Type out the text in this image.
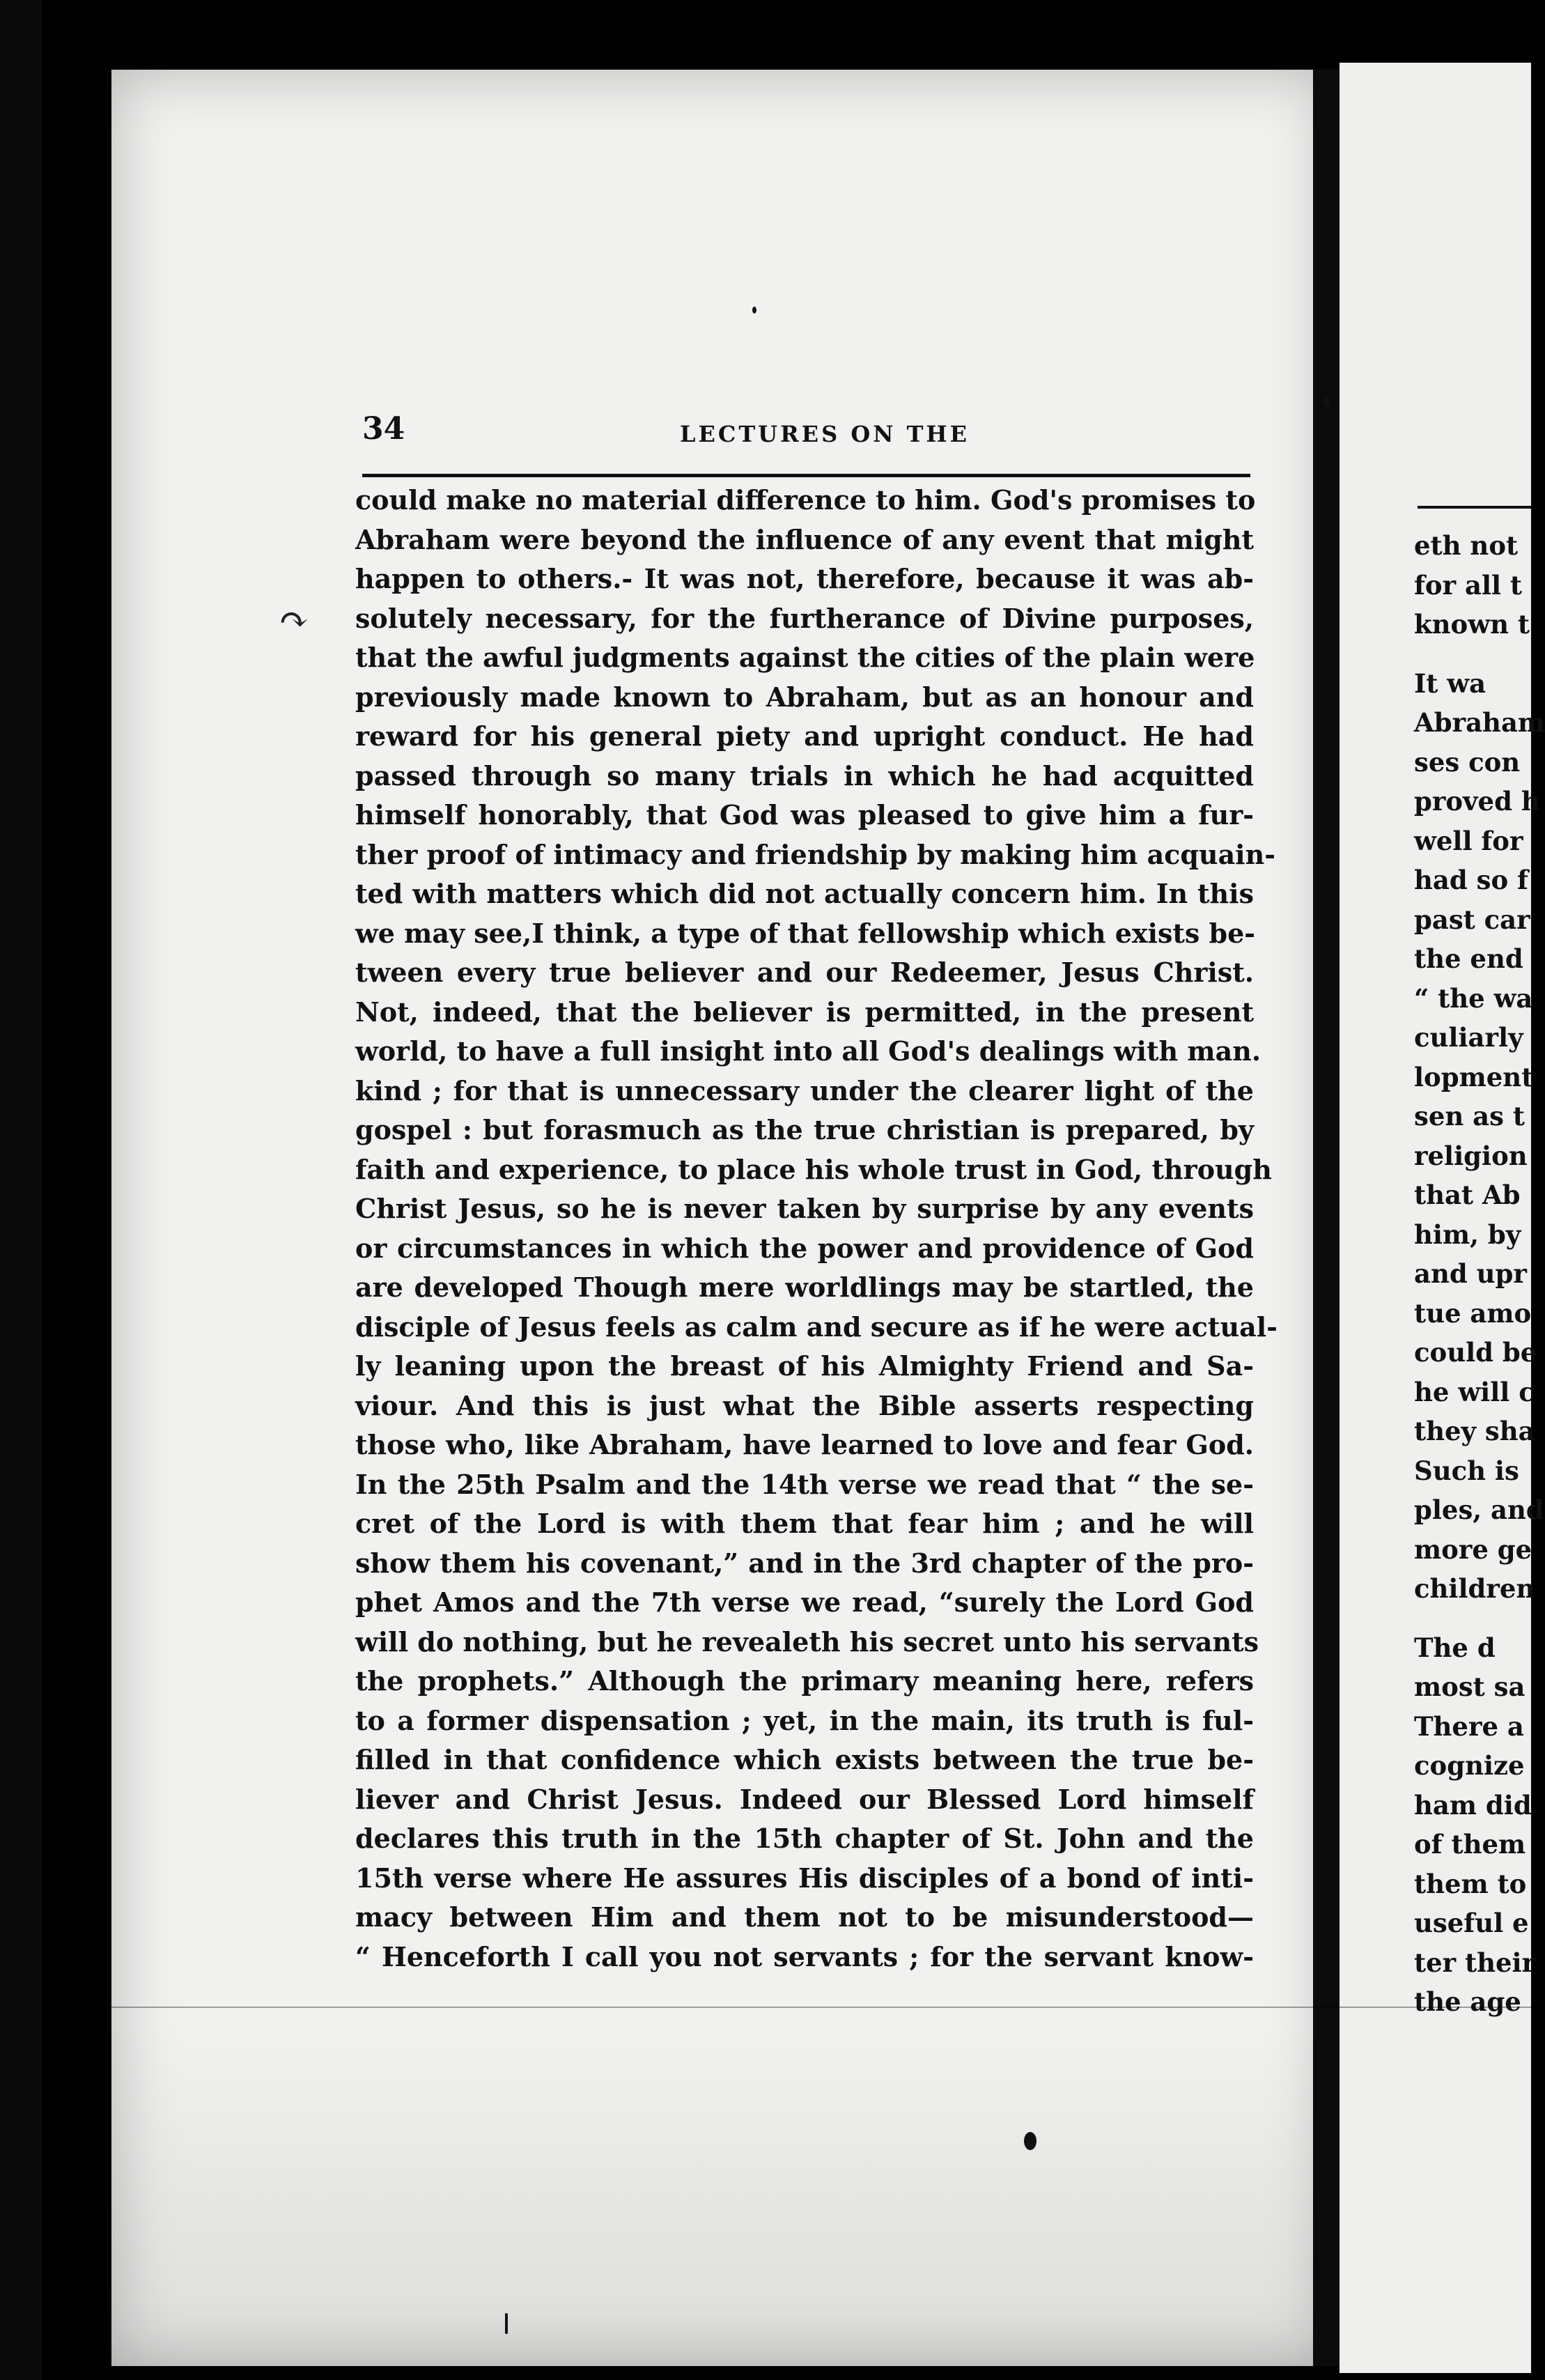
34	LECTURES ON THE
could make no material difference to him. God's promises to
Abraham were beyond the influence of any event that might
happen to others.- It was not, therefore, because it was ab-
solutely necessary, for the furtherance of Divine purposes,
that the awful judgments against the cities of the plain were
previously made known to Abraham, but as an honour and
reward for his general piety and upright conduct. He had
passed through so many trials in which he had acquitted
himself honorably, that God was pleased to give him a fur-
ther proof of intimacy and friendship by making him acquain-
ted with matters which did not actually concern him. In this
we may see,I think, a type of that fellowship which exists be-
tween every true believer and our Redeemer, Jesus Christ.
Not, indeed, that the believer is permitted, in the present
world, to have a full insight into all God's dealings with man.
kind ; for that is unnecessary under the clearer light of the
gospel : but forasmuch as the true christian is prepared, by
faith and experience, to place his whole trust in God, through
Christ Jesus, so he is never taken by surprise by any events
or circumstances in which the power and providence of God
are developed Though mere worldlings may be startled, the
disciple of Jesus feels as calm and secure as if he were actual-
ly leaning upon the breast of his Almighty Friend and Sa-
viour. And this is just what the Bible asserts respecting
those who, like Abraham, have learned to love and fear God.
In the 25th Psalm and the 14th verse we read that “ the se-
cret of the Lord is with them that fear him ; and he will
show them his covenant,” and in the 3rd chapter of the pro-
phet Amos and the 7th verse we read, “surely the Lord God
will do nothing, but he revealeth his secret unto his servants
the prophets.” Although the primary meaning here, refers
to a former dispensation ; yet, in the main, its truth is ful-
filled in that confidence which exists between the true be-
liever and Christ Jesus. Indeed our Blessed Lord himself
declares this truth in the 15th chapter of St. John and the
15th verse where He assures His disciples of a bond of inti-
macy between Him and them not to be misunderstood—
“ Henceforth I call you not servants ; for the servant know-
eth not
for all t
known t
It wa
Abraham
ses con
proved h
well for
had so f
past car
the end
“ the wa
culiarly
lopment
sen as t
religion
that Ab
him, by
and upr
tue amo
could be
he will c
they sha
Such is
ples, and
more ge
children
The d
most sa
There a
cognize
ham did
of them
them to
useful e
ter their
the age
↷
